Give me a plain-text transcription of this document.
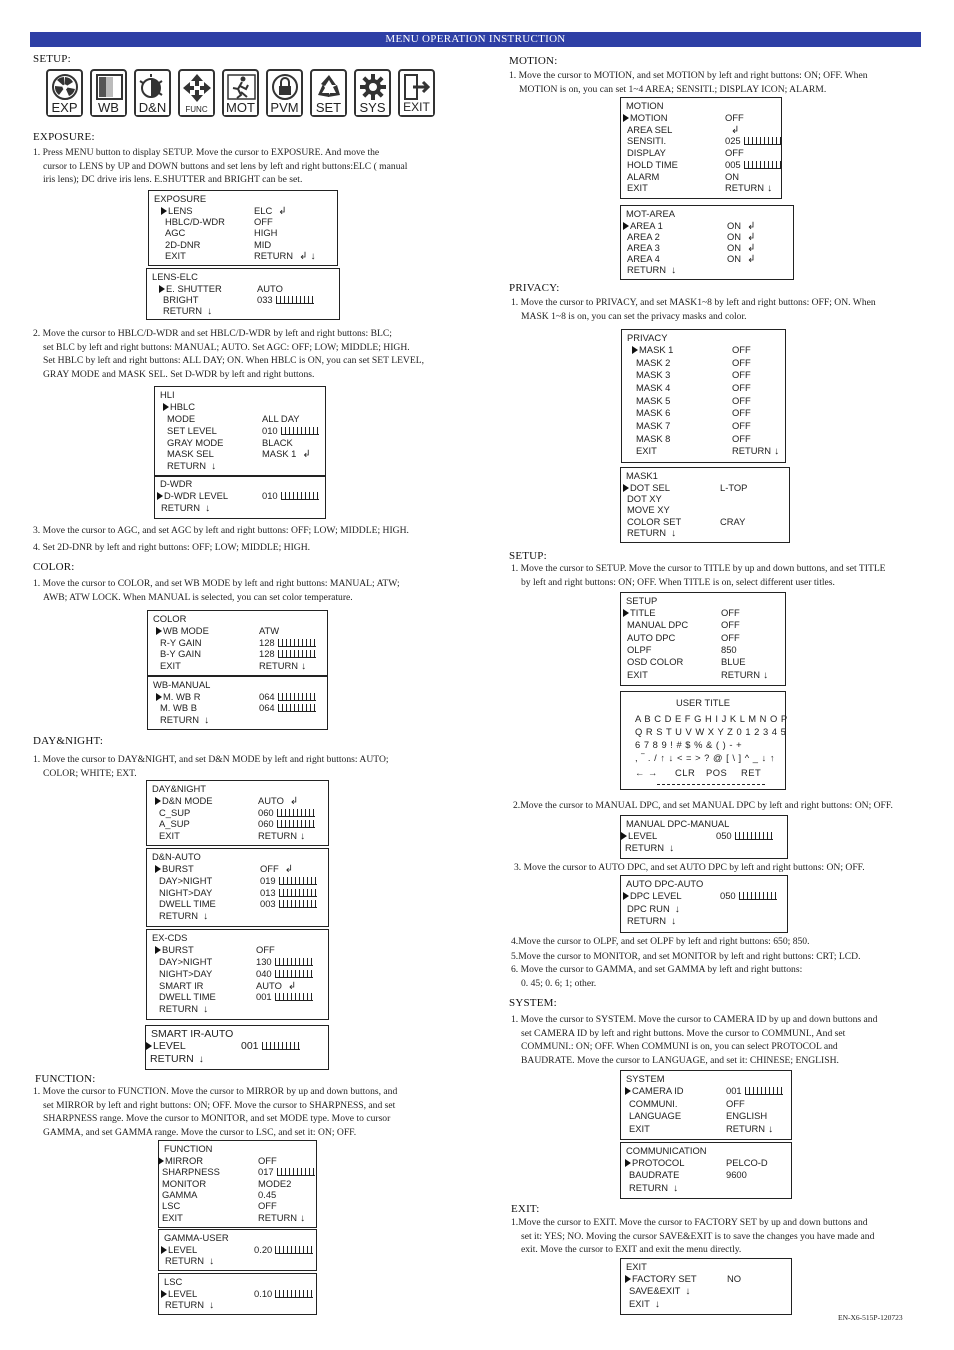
MENU OPERATION INSTRUCTION
SETUP:
EXP	WB	D&N	FUNC	MOT PVM SET SYS EXIT
EXPOSURE:
1. Press MENU button to display SETUP. Move the cursor to EXPOSURE. And move the
cursor to LENS by UP and DOWN buttons and set lens by left and right buttons:ELC ( manual
iris lens); DC drive iris lens. E.SHUTTER and BRIGHT can be set.
EXPOSURE
LENS	ELC ↲
HBLC/D-WDR	OFF
AGC	HIGH
2D-DNR	MID
EXIT	RETURN ↲ ↓
LENS-ELC
E. SHUTTER	AUTO
BRIGHT	033
RETURN ↓
2. Move the cursor to HBLC/D-WDR and set HBLC/D-WDR by left and right buttons: BLC;
set BLC by left and right buttons: MANUAL; AUTO. Set AGC: OFF; LOW; MIDDLE; HIGH.
Set HBLC by left and right buttons: ALL DAY; ON. When HBLC is ON, you can set SET LEVEL,
GRAY MODE and MASK SEL. Set D-WDR by left and right buttons.
HLI
HBLC
MODE	ALL DAY
SET LEVEL	010
GRAY MODE	BLACK
MASK SEL	MASK 1 ↲
RETURN ↓
D-WDR
D-WDR LEVEL	010
RETURN ↓
3. Move the cursor to AGC, and set AGC by left and right buttons: OFF; LOW; MIDDLE; HIGH.
4. Set 2D-DNR by left and right buttons: OFF; LOW; MIDDLE; HIGH.
COLOR:
1. Move the cursor to COLOR, and set WB MODE by left and right buttons: MANUAL; ATW;
AWB; ATW LOCK. When MANUAL is selected, you can set color temperature.
COLOR
WB MODE	ATW
R-Y GAIN	128
B-Y GAIN	128
EXIT	RETURN ↓
WB-MANUAL
M. WB R	064
M. WB B	064
RETURN ↓
DAY&NIGHT:
1. Move the cursor to DAY&NIGHT, and set D&N MODE by left and right buttons: AUTO;
COLOR; WHITE; EXT.
DAY&NIGHT
D&N MODE	AUTO ↲
C_SUP	060
A_SUP	060
EXIT	RETURN ↓
D&N-AUTO
BURST	OFF ↲
DAY>NIGHT	019
NIGHT>DAY	013
DWELL TIME	003
RETURN ↓
EX-CDS
BURST	OFF
DAY>NIGHT	130
NIGHT>DAY	040
SMART IR	AUTO ↲
DWELL TIME	001
RETURN ↓
SMART IR-AUTO
LEVEL	001
RETURN ↓
FUNCTION:
1. Move the cursor to FUNCTION. Move the cursor to MIRROR by up and down buttons, and
set MIRROR by left and right buttons: ON; OFF. Move the cursor to SHARPNESS, and set
SHARPNESS range. Move the cursor to MONITOR, and set MODE type. Move to cursor
GAMMA, and set GAMMA range. Move the cursor to LSC, and set it: ON; OFF.
FUNCTION
MIRROR	OFF
SHARPNESS	017
MONITOR	MODE2
GAMMA	0.45
LSC	OFF
EXIT	RETURN ↓
GAMMA-USER
LEVEL	0.20
RETURN ↓
LSC
LEVEL	0.10
RETURN ↓
MOTION:
1. Move the cursor to MOTION, and set MOTION by left and right buttons: ON; OFF. When
MOTION is on, you can set 1~4 AREA; SENSITI.; DISPLAY ICON; ALARM.
MOTION
MOTION	OFF
AREA SEL	↲
SENSITI.	025
DISPLAY	OFF
HOLD TIME	005
ALARM	ON
EXIT	RETURN ↓
MOT-AREA
AREA 1	ON ↲
AREA 2	ON ↲
AREA 3	ON ↲
AREA 4	ON ↲
RETURN ↓
PRIVACY:
1. Move the cursor to PRIVACY, and set MASK1~8 by left and right buttons: OFF; ON. When
MASK 1~8 is on, you can set the privacy masks and color.
PRIVACY
MASK 1	OFF
MASK 2	OFF
MASK 3	OFF
MASK 4	OFF
MASK 5	OFF
MASK 6	OFF
MASK 7	OFF
MASK 8	OFF
EXIT	RETURN ↓
MASK1
DOT SEL	L-TOP
DOT XY
MOVE XY
COLOR SET	CRAY
RETURN ↓
SETUP:
1. Move the cursor to SETUP. Move the cursor to TITLE by up and down buttons, and set TITLE
by left and right buttons: ON; OFF. When TITLE is on, select different user titles.
SETUP
TITLE	OFF
MANUAL DPC	OFF
AUTO DPC	OFF
OLPF	850
OSD COLOR	BLUE
EXIT	RETURN ↓
USER TITLE
A B C D E F G H I J K L M N O P
Q R S T U V W X Y Z 0 1 2 3 4 5
6 7 8 9 ! # $ % & ( ) - +
, ‾ . / ↑ ↓ < = > ? @ [ \ ] ^ _ ↓ ↑
← → CLR POS RET
2.Move the cursor to MANUAL DPC, and set MANUAL DPC by left and right buttons: ON; OFF.
MANUAL DPC-MANUAL
LEVEL	050
RETURN ↓
3. Move the cursor to AUTO DPC, and set AUTO DPC by left and right buttons: ON; OFF.
AUTO DPC-AUTO
DPC LEVEL	050
DPC RUN ↓
RETURN ↓
4.Move the cursor to OLPF, and set OLPF by left and right buttons: 650; 850.
5.Move the cursor to MONITOR, and set MONITOR by left and right buttons: CRT; LCD.
6. Move the cursor to GAMMA, and set GAMMA by left and right buttons:
0. 45; 0. 6; 1; other.
SYSTEM:
1. Move the cursor to SYSTEM. Move the cursor to CAMERA ID by up and down buttons and
set CAMERA ID by left and right buttons. Move the cursor to COMMUNI., And set
COMMUNI.: ON; OFF. When COMMUNI is on, you can select PROTOCOL and
BAUDRATE. Move the cursor to LANGUAGE, and set it: CHINESE; ENGLISH.
SYSTEM
CAMERA ID	001
COMMUNI.	OFF
LANGUAGE	ENGLISH
EXIT	RETURN ↓
COMMUNICATION
PROTOCOL	PELCO-D
BAUDRATE	9600
RETURN ↓
EXIT:
1.Move the cursor to EXIT. Move the cursor to FACTORY SET by up and down buttons and
set it: YES; NO. Moving the cursor SAVE&EXIT is to save the changes you have made and
exit. Move the cursor to EXIT and exit the menu directly.
EXIT
FACTORY SET	NO
SAVE&EXIT ↓
EXIT ↓
EN-X6-515P-120723
